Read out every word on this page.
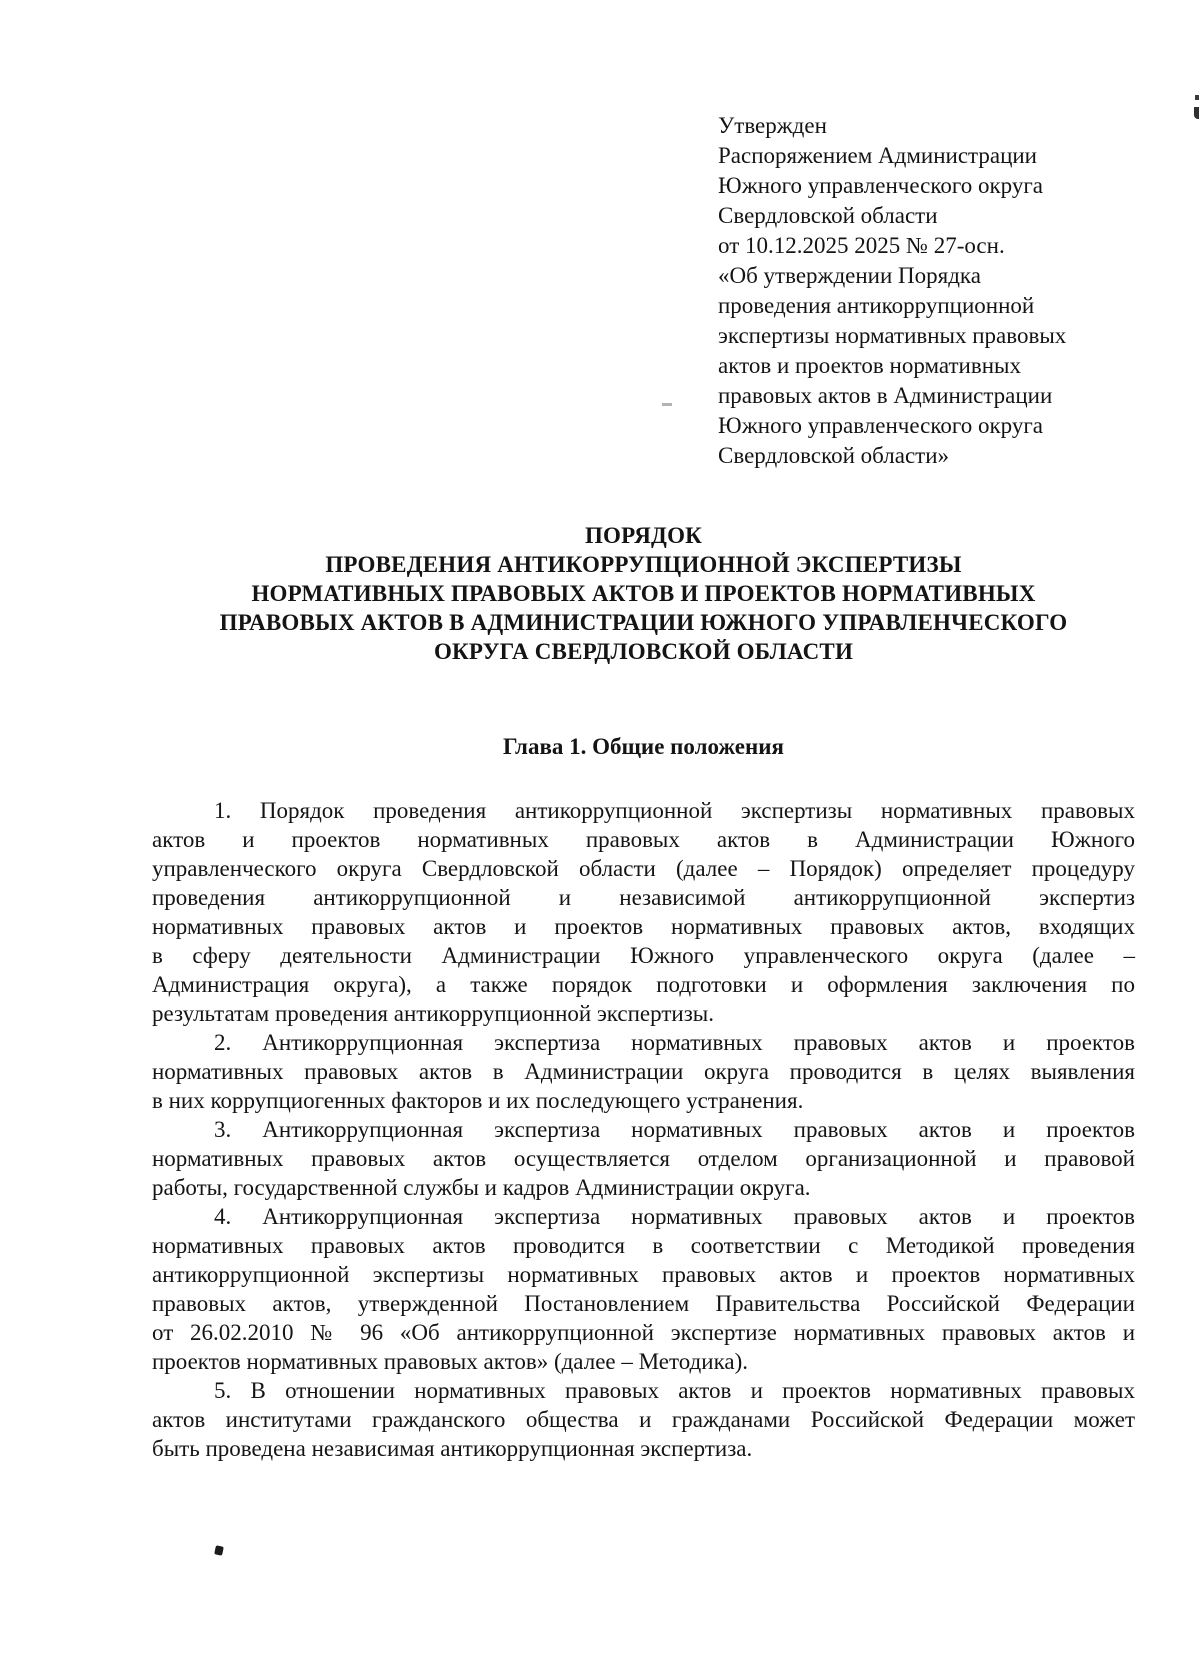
Утвержден
Распоряжением Администрации
Южного управленческого округа
Свердловской области
от 10.12.2025 2025 № 27-осн.
«Об утверждении Порядка
проведения антикоррупционной
экспертизы нормативных правовых
актов и проектов нормативных
правовых актов в Администрации
Южного управленческого округа
Свердловской области»
ПОРЯДОК
ПРОВЕДЕНИЯ АНТИКОРРУПЦИОННОЙ ЭКСПЕРТИЗЫ
НОРМАТИВНЫХ ПРАВОВЫХ АКТОВ И ПРОЕКТОВ НОРМАТИВНЫХ
ПРАВОВЫХ АКТОВ В АДМИНИСТРАЦИИ ЮЖНОГО УПРАВЛЕНЧЕСКОГО
ОКРУГА СВЕРДЛОВСКОЙ ОБЛАСТИ
Глава 1. Общие положения
1. Порядок проведения антикоррупционной экспертизы нормативных правовых
актов и проектов нормативных правовых актов в Администрации Южного
управленческого округа Свердловской области (далее – Порядок) определяет процедуру
проведения антикоррупционной и независимой антикоррупционной экспертиз
нормативных правовых актов и проектов нормативных правовых актов, входящих
в сферу деятельности Администрации Южного управленческого округа (далее –
Администрация округа), а также порядок подготовки и оформления заключения по
результатам проведения антикоррупционной экспертизы.
2. Антикоррупционная экспертиза нормативных правовых актов и проектов
нормативных правовых актов в Администрации округа проводится в целях выявления
в них коррупциогенных факторов и их последующего устранения.
3. Антикоррупционная экспертиза нормативных правовых актов и проектов
нормативных правовых актов осуществляется отделом организационной и правовой
работы, государственной службы и кадров Администрации округа.
4. Антикоррупционная экспертиза нормативных правовых актов и проектов
нормативных правовых актов проводится в соответствии с Методикой проведения
антикоррупционной экспертизы нормативных правовых актов и проектов нормативных
правовых актов, утвержденной Постановлением Правительства Российской Федерации
от 26.02.2010 № 96 «Об антикоррупционной экспертизе нормативных правовых актов и
проектов нормативных правовых актов» (далее – Методика).
5. В отношении нормативных правовых актов и проектов нормативных правовых
актов институтами гражданского общества и гражданами Российской Федерации может
быть проведена независимая антикоррупционная экспертиза.
